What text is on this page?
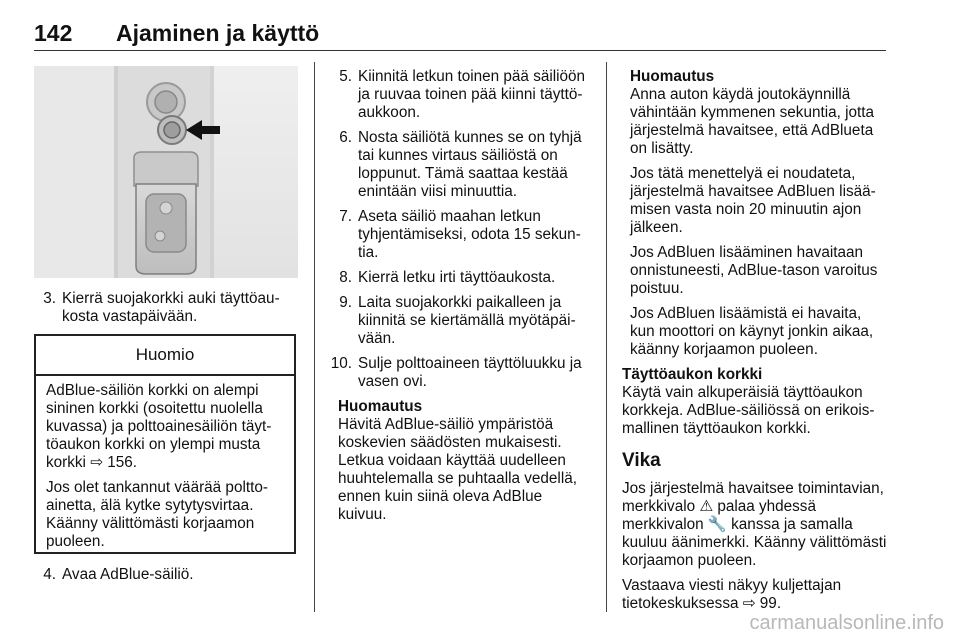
142 Ajaminen ja käyttö
3. Kierrä suojakorkki auki täyttöaukosta vastapäivään.
Huomio

AdBlue-säiliön korkki on alempi sininen korkki (osoitettu nuolella kuvassa) ja polttoainesäiliön täyttöaukon korkki on ylempi musta korkki ⇨ 156.

Jos olet tankannut väärää polttoainetta, älä kytke sytytysvirtaa. Käänny välittömästi korjaamon puoleen.

4. Avaa AdBlue-säiliö.
5. Kiinnitä letkun toinen pää säiliöön ja ruuvaa toinen pää kiinni täyttöaukkoon.
6. Nosta säiliötä kunnes se on tyhjä tai kunnes virtaus säiliöstä on loppunut. Tämä saattaa kestää enintään viisi minuuttia.
7. Aseta säiliö maahan letkun tyhjentämiseksi, odota 15 sekuntia.
8. Kierrä letku irti täyttöaukosta.
9. Laita suojakorkki paikalleen ja kiinnitä se kiertämällä myötäpäivään.
10. Sulje polttoaineen täyttöluukku ja vasen ovi.
Huomautus

Hävitä AdBlue-säiliö ympäristöä koskevien säädösten mukaisesti. Letkua voidaan käyttää uudelleen huuhtelemalla se puhtaalla vedellä, ennen kuin siinä oleva AdBlue kuivuu.

Huomautus

Anna auton käydä joutokäynnillä vähintään kymmenen sekuntia, jotta järjestelmä havaitsee, että AdBlueta on lisätty.

Jos tätä menettelyä ei noudateta, järjestelmä havaitsee AdBluen lisäämisen vasta noin 20 minuutin ajon jälkeen.

Jos AdBluen lisääminen havaitaan onnistuneesti, AdBlue-tason varoitus poistuu.

Jos AdBluen lisäämistä ei havaita, kun moottori on käynyt jonkin aikaa, käänny korjaamon puoleen.

Täyttöaukon korkki

Käytä vain alkuperäisiä täyttöaukon korkkeja. AdBlue-säiliössä on erikoismallinen täyttöaukon korkki.

Vika

Jos järjestelmä havaitsee toimintavian, merkkivalo ⚠ palaa yhdessä merkkivalon 🔧 kanssa ja samalla kuuluu äänimerkki. Käänny välittömästi korjaamon puoleen.

Vastaava viesti näkyy kuljettajan tietokeskuksessa ⇨ 99.

carmanualsonline.info
